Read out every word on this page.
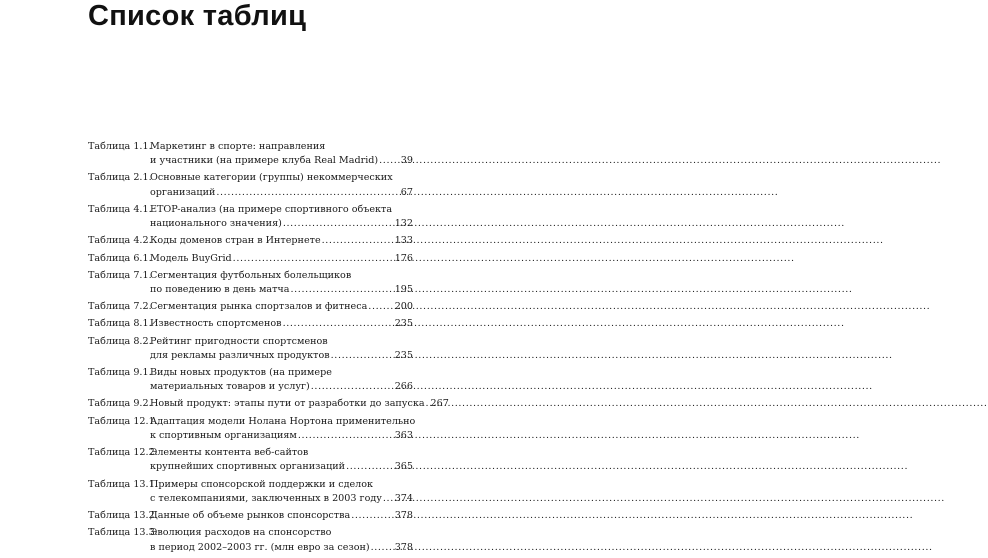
Список таблиц
Таблица 1.1.
Маркетинг в спорте: направления
и участники (на примере клуба Real Madrid) ..... 39
Таблица 2.1.
Основные категории (группы) некоммерческих
организаций .....	67
Таблица 4.1.
ETOP-анализ (на примере спортивного объекта
национального значения) .....	132
Таблица 4.2.
Коды доменов стран в Интернете .....	133
Таблица 6.1.
Модель BuyGrid .....	176
Таблица 7.1.
Сегментация футбольных болельщиков
по поведению в день матча .....	195
Таблица 7.2.
Сегментация рынка спортзалов и фитнеса .....	200
Таблица 8.1.
Известность спортсменов .....	235
Таблица 8.2.
Рейтинг пригодности спортсменов
для рекламы различных продуктов .....	235
Таблица 9.1.
Виды новых продуктов (на примере
материальных товаров и услуг) .....	266
Таблица 9.2.
Новый продукт: этапы пути от разработки до запуска ..... 267
Таблица 12.1.
Адаптация модели Нолана Нортона применительно
к спортивным организациям .....	363
Таблица 12.2.
Элементы контента веб-сайтов
крупнейших спортивных организаций .....	365
Таблица 13.1.
Примеры спонсорской поддержки и сделок
с телекомпаниями, заключенных в 2003 году ..... 374
Таблица 13.2.
Данные об объеме рынков спонсорства .....	378
Таблица 13.3.
Эволюция расходов на спонсорство
в период 2002–2003 гг. (млн евро за сезон) .....	378
